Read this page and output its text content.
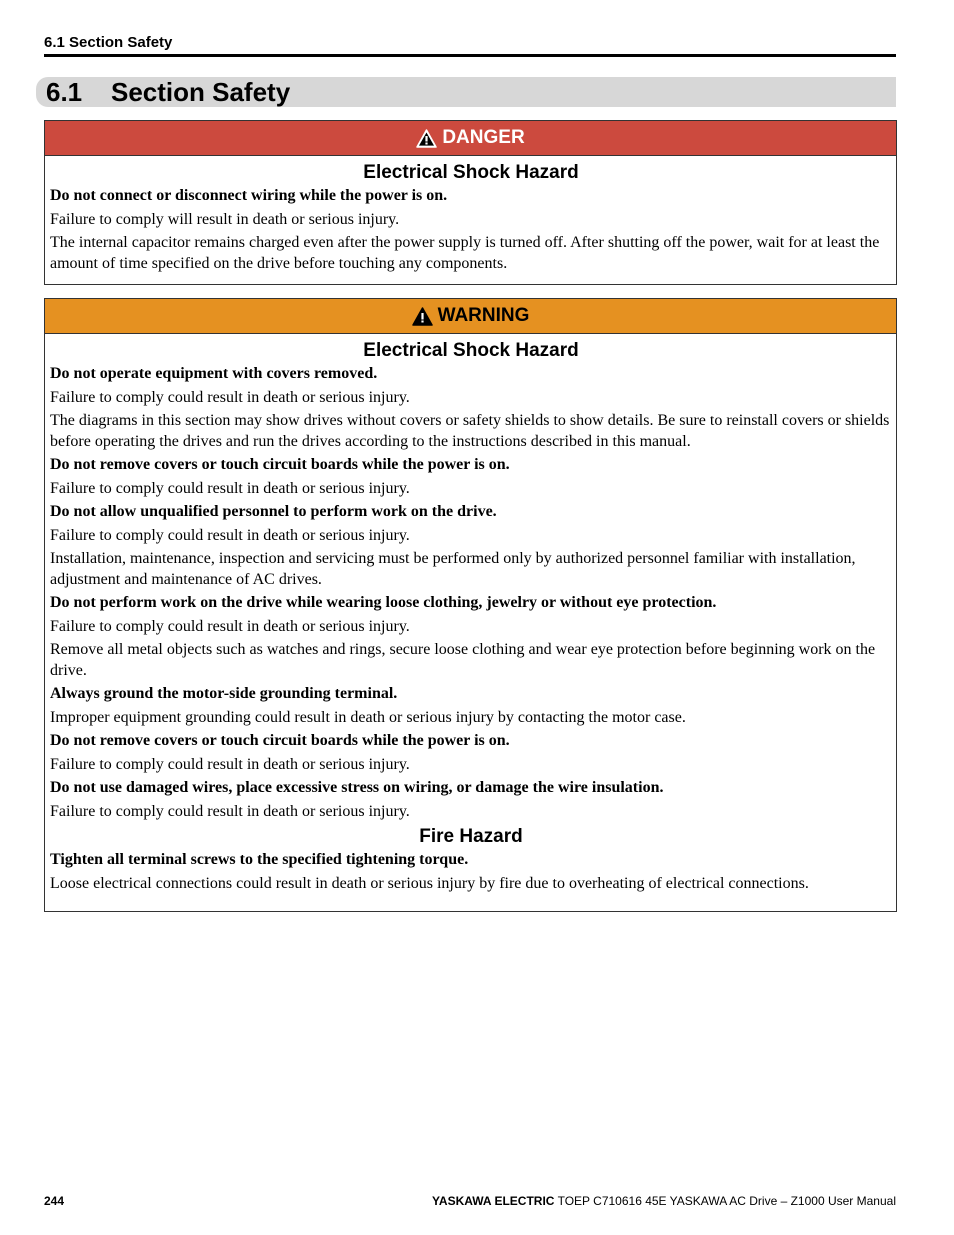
6.1 Section Safety
6.1 Section Safety
DANGER
Electrical Shock Hazard
Do not connect or disconnect wiring while the power is on.
Failure to comply will result in death or serious injury.
The internal capacitor remains charged even after the power supply is turned off. After shutting off the power, wait for at least the amount of time specified on the drive before touching any components.
WARNING
Electrical Shock Hazard
Do not operate equipment with covers removed.
Failure to comply could result in death or serious injury.
The diagrams in this section may show drives without covers or safety shields to show details. Be sure to reinstall covers or shields before operating the drives and run the drives according to the instructions described in this manual.
Do not remove covers or touch circuit boards while the power is on.
Failure to comply could result in death or serious injury.
Do not allow unqualified personnel to perform work on the drive.
Failure to comply could result in death or serious injury.
Installation, maintenance, inspection and servicing must be performed only by authorized personnel familiar with installation, adjustment and maintenance of AC drives.
Do not perform work on the drive while wearing loose clothing, jewelry or without eye protection.
Failure to comply could result in death or serious injury.
Remove all metal objects such as watches and rings, secure loose clothing and wear eye protection before beginning work on the drive.
Always ground the motor-side grounding terminal.
Improper equipment grounding could result in death or serious injury by contacting the motor case.
Do not remove covers or touch circuit boards while the power is on.
Failure to comply could result in death or serious injury.
Do not use damaged wires, place excessive stress on wiring, or damage the wire insulation.
Failure to comply could result in death or serious injury.
Fire Hazard
Tighten all terminal screws to the specified tightening torque.
Loose electrical connections could result in death or serious injury by fire due to overheating of electrical connections.
244	YASKAWA ELECTRIC TOEP C710616 45E YASKAWA AC Drive – Z1000 User Manual
